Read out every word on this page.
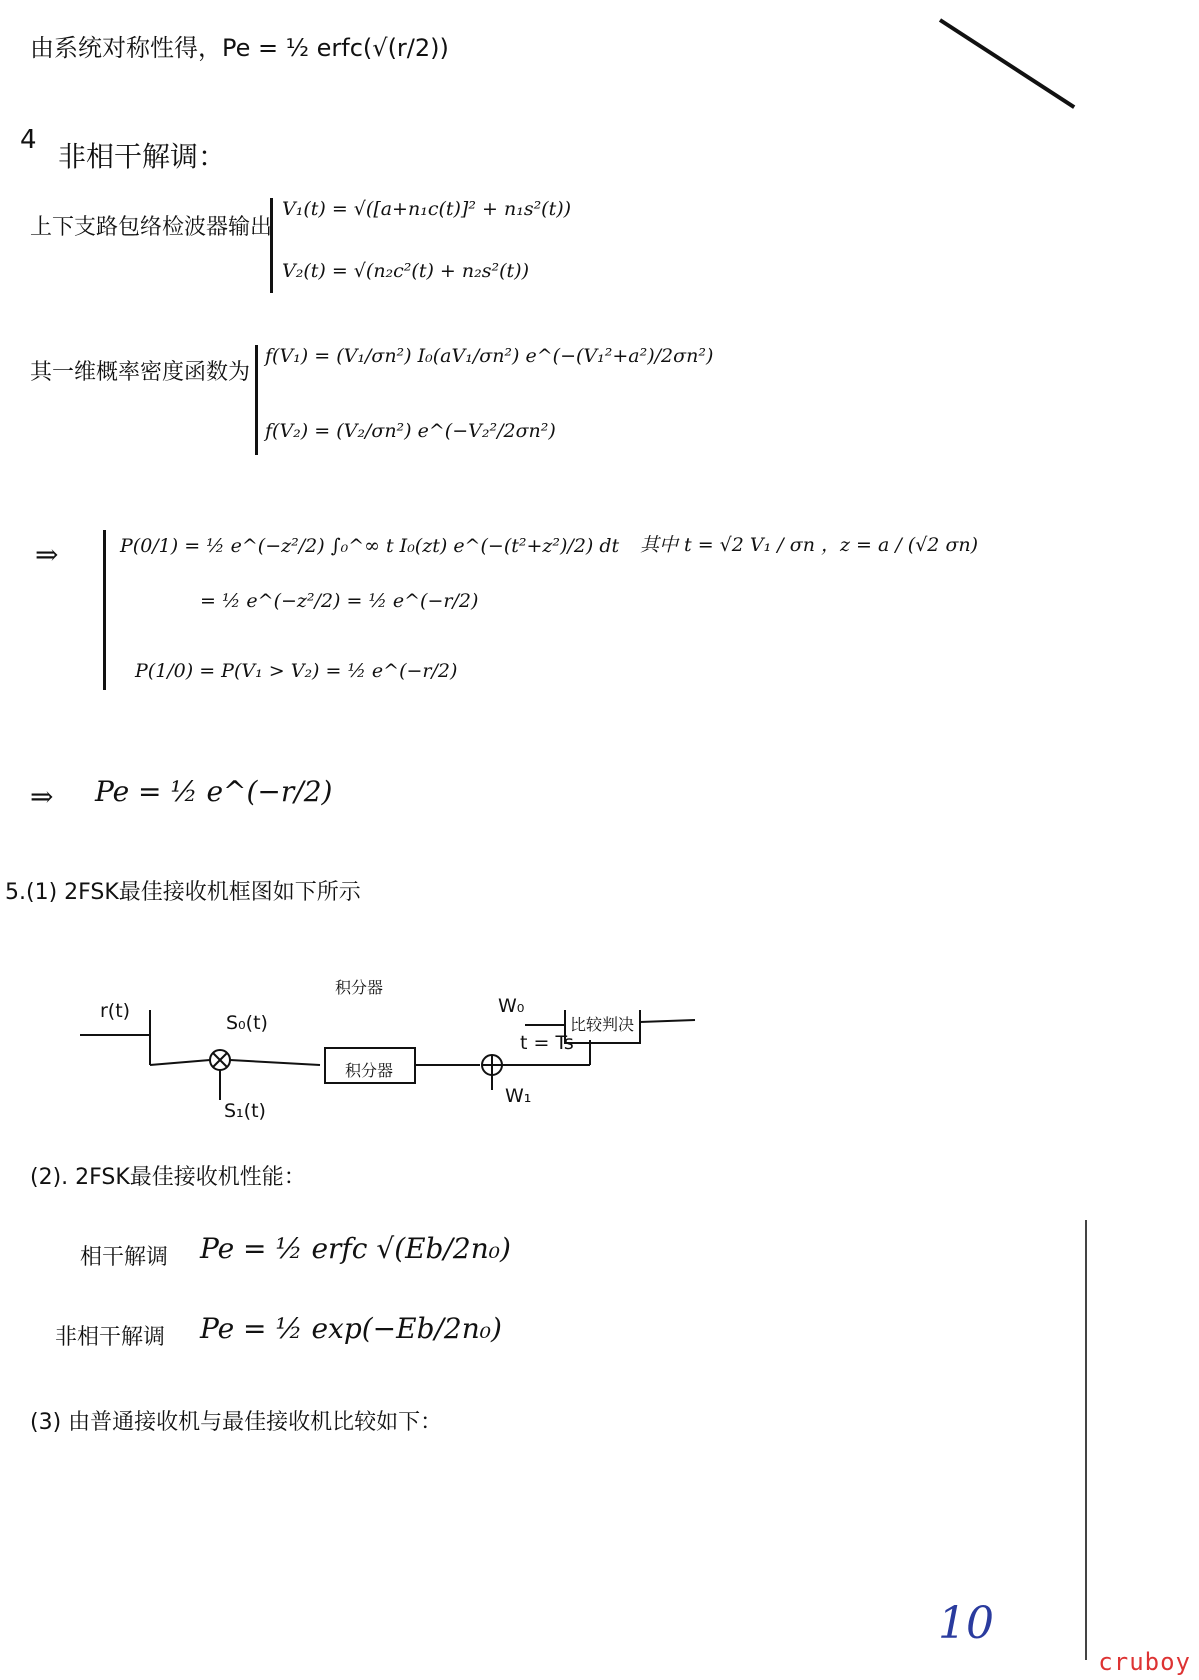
由系统对称性得，Pe = ½ erfc(√(r/2))
4 非相干解调：
上下支路包络检波器输出
V₁(t) = √([a+n₁c(t)]² + n₁s²(t))
V₂(t) = √(n₂c²(t) + n₂s²(t))
其一维概率密度函数为
f(V₁) = (V₁/σn²) I₀(aV₁/σn²) e^(−(V₁²+a²)/2σn²)
f(V₂) = (V₂/σn²) e^(−V₂²/2σn²)
⇒	P(0/1) = ½ e^(−z²/2) ∫₀^∞ t I₀(zt) e^(−(t²+z²)/2) dt 其中 t = √2 V₁ / σn ，z = a / (√2 σn)
= ½ e^(−z²/2) = ½ e^(−r/2)
P(1/0) = P(V₁ > V₂) = ½ e^(−r/2)
⇒ Pe = ½ e^(−r/2)
5.(1) 2FSK最佳接收机框图如下所示
r(t)
S₀(t)
S₁(t)
积分器
积分器
W₀
W₁
t = Ts
比较判决
(2). 2FSK最佳接收机性能：
相干解调 Pe = ½ erfc √(Eb/2n₀)
非相干解调 Pe = ½ exp(−Eb/2n₀)
(3) 由普通接收机与最佳接收机比较如下：
10
cruboy
